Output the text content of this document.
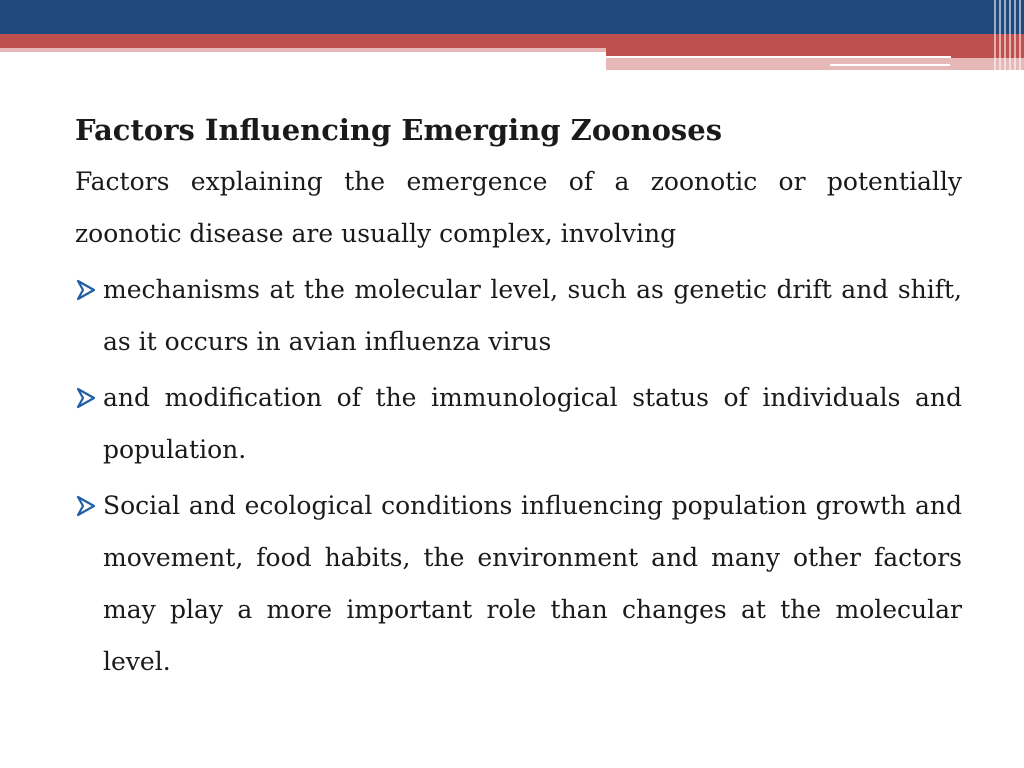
Factors Influencing Emerging Zoonoses

Factors explaining the emergence of a zoonotic or potentially zoonotic disease are usually complex, involving

mechanisms at the molecular level, such as genetic drift and shift, as it occurs in avian influenza virus
and modification of the immunological status of individuals and population.
Social and ecological conditions influencing population growth and movement, food habits, the environment and many other factors may play a more important role than changes at the molecular level.
